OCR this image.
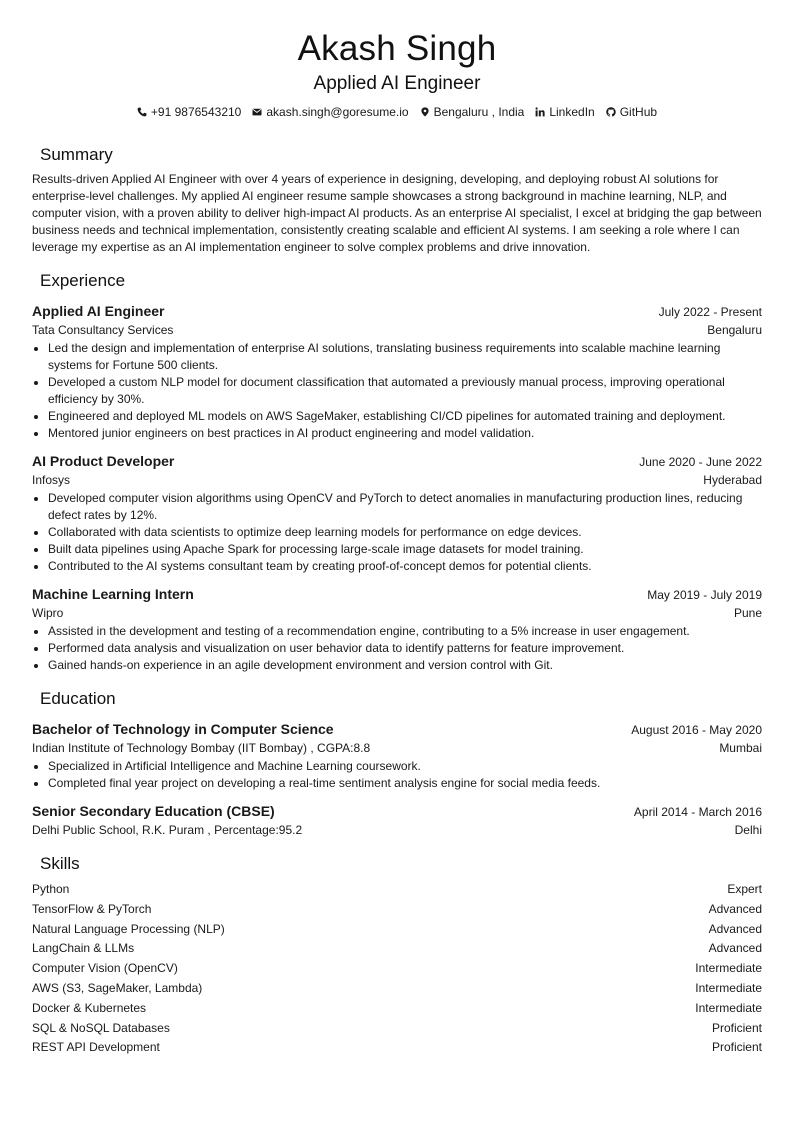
Akash Singh
Applied AI Engineer
+91 9876543210 akash.singh@goresume.io Bengaluru , India LinkedIn GitHub
Summary
Results-driven Applied AI Engineer with over 4 years of experience in designing, developing, and deploying robust AI solutions for enterprise-level challenges. My applied AI engineer resume sample showcases a strong background in machine learning, NLP, and computer vision, with a proven ability to deliver high-impact AI products. As an enterprise AI specialist, I excel at bridging the gap between business needs and technical implementation, consistently creating scalable and efficient AI systems. I am seeking a role where I can leverage my expertise as an AI implementation engineer to solve complex problems and drive innovation.
Experience
Applied AI Engineer	July 2022 - Present
Tata Consultancy Services	Bengaluru
Led the design and implementation of enterprise AI solutions, translating business requirements into scalable machine learning systems for Fortune 500 clients.
Developed a custom NLP model for document classification that automated a previously manual process, improving operational efficiency by 30%.
Engineered and deployed ML models on AWS SageMaker, establishing CI/CD pipelines for automated training and deployment.
Mentored junior engineers on best practices in AI product engineering and model validation.
AI Product Developer	June 2020 - June 2022
Infosys	Hyderabad
Developed computer vision algorithms using OpenCV and PyTorch to detect anomalies in manufacturing production lines, reducing defect rates by 12%.
Collaborated with data scientists to optimize deep learning models for performance on edge devices.
Built data pipelines using Apache Spark for processing large-scale image datasets for model training.
Contributed to the AI systems consultant team by creating proof-of-concept demos for potential clients.
Machine Learning Intern	May 2019 - July 2019
Wipro	Pune
Assisted in the development and testing of a recommendation engine, contributing to a 5% increase in user engagement.
Performed data analysis and visualization on user behavior data to identify patterns for feature improvement.
Gained hands-on experience in an agile development environment and version control with Git.
Education
Bachelor of Technology in Computer Science	August 2016 - May 2020
Indian Institute of Technology Bombay (IIT Bombay) , CGPA:8.8	Mumbai
Specialized in Artificial Intelligence and Machine Learning coursework.
Completed final year project on developing a real-time sentiment analysis engine for social media feeds.
Senior Secondary Education (CBSE)	April 2014 - March 2016
Delhi Public School, R.K. Puram , Percentage:95.2	Delhi
Skills
Python	Expert
TensorFlow & PyTorch	Advanced
Natural Language Processing (NLP)	Advanced
LangChain & LLMs	Advanced
Computer Vision (OpenCV)	Intermediate
AWS (S3, SageMaker, Lambda)	Intermediate
Docker & Kubernetes	Intermediate
SQL & NoSQL Databases	Proficient
REST API Development	Proficient
